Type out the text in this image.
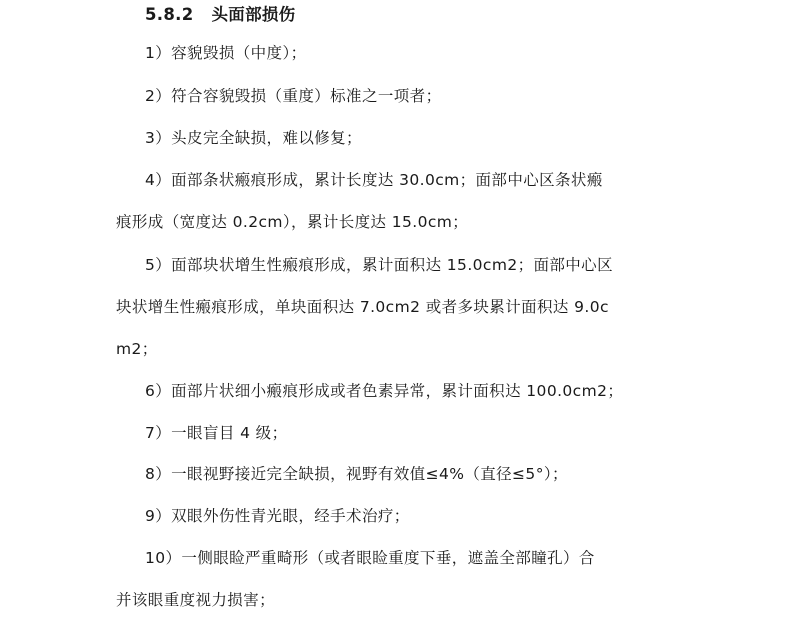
5.8.2 头面部损伤
1）容貌毁损（中度）；
2）符合容貌毁损（重度）标准之一项者；
3）头皮完全缺损，难以修复；
4）面部条状瘢痕形成，累计长度达 30.0cm；面部中心区条状瘢
痕形成（宽度达 0.2cm），累计长度达 15.0cm；
5）面部块状增生性瘢痕形成，累计面积达 15.0cm2；面部中心区
块状增生性瘢痕形成，单块面积达 7.0cm2 或者多块累计面积达 9.0c
m2；
6）面部片状细小瘢痕形成或者色素异常，累计面积达 100.0cm2；
7）一眼盲目 4 级；
8）一眼视野接近完全缺损，视野有效值≤4%（直径≤5°）；
9）双眼外伤性青光眼，经手术治疗；
10）一侧眼睑严重畸形（或者眼睑重度下垂，遮盖全部瞳孔）合
并该眼重度视力损害；
